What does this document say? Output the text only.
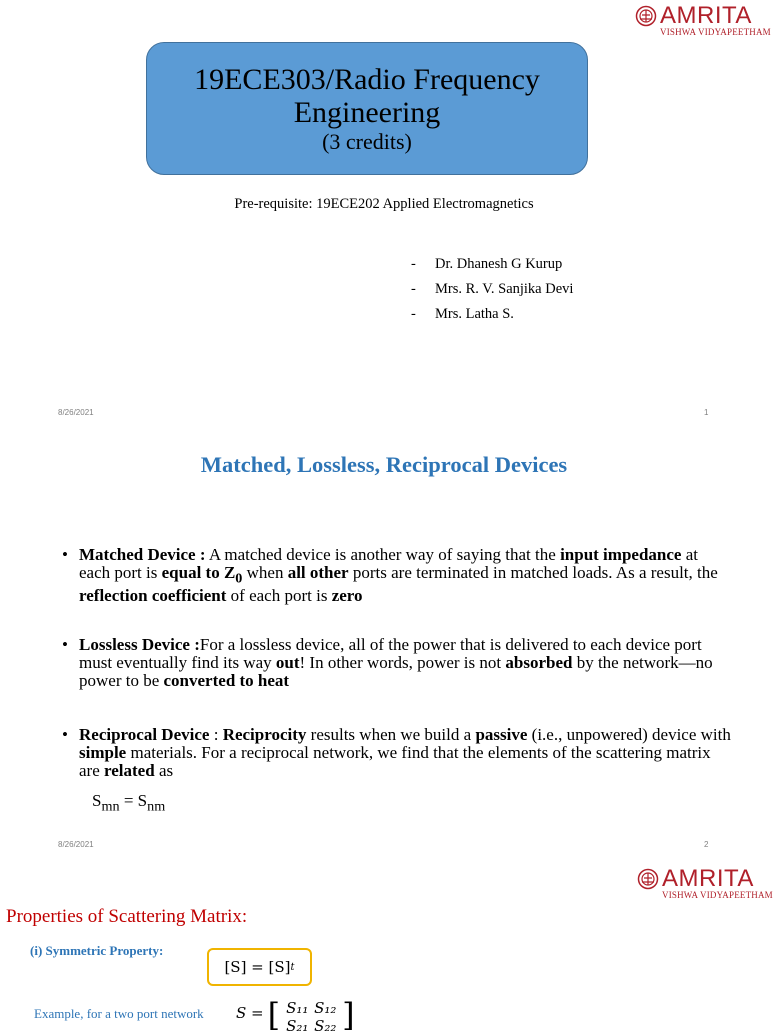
AMRITA
VISHWA VIDYAPEETHAM
19ECE303/Radio Frequency
Engineering
(3 credits)
Pre-requisite: 19ECE202 Applied Electromagnetics
-	Dr. Dhanesh G Kurup
-	Mrs. R. V. Sanjika Devi
-	Mrs. Latha S.
8/26/2021	1
Matched, Lossless, Reciprocal Devices
• Matched Device : A matched device is another way of saying that the input impedance at each port is equal to $Z_0$ when all other ports are terminated in matched loads. As a result, the reflection coefficient of each port is zero
• Lossless Device :For a lossless device, all of the power that is delivered to each device port must eventually find its way out! In other words, power is not absorbed by the network—no power to be converted to heat
• Reciprocal Device : Reciprocity results when we build a passive (i.e., unpowered) device with simple materials. For a reciprocal network, we find that the elements of the scattering matrix are related as
$S_{mn} = S_{nm}$
8/26/2021	2
AMRITA
VISHWA VIDYAPEETHAM
Properties of Scattering Matrix:
(i) Symmetric Property:
[S] = [S] t
Example, for a two port network S = [ S₁₁ S₁₂
S₂₁ S₂₂ ]
